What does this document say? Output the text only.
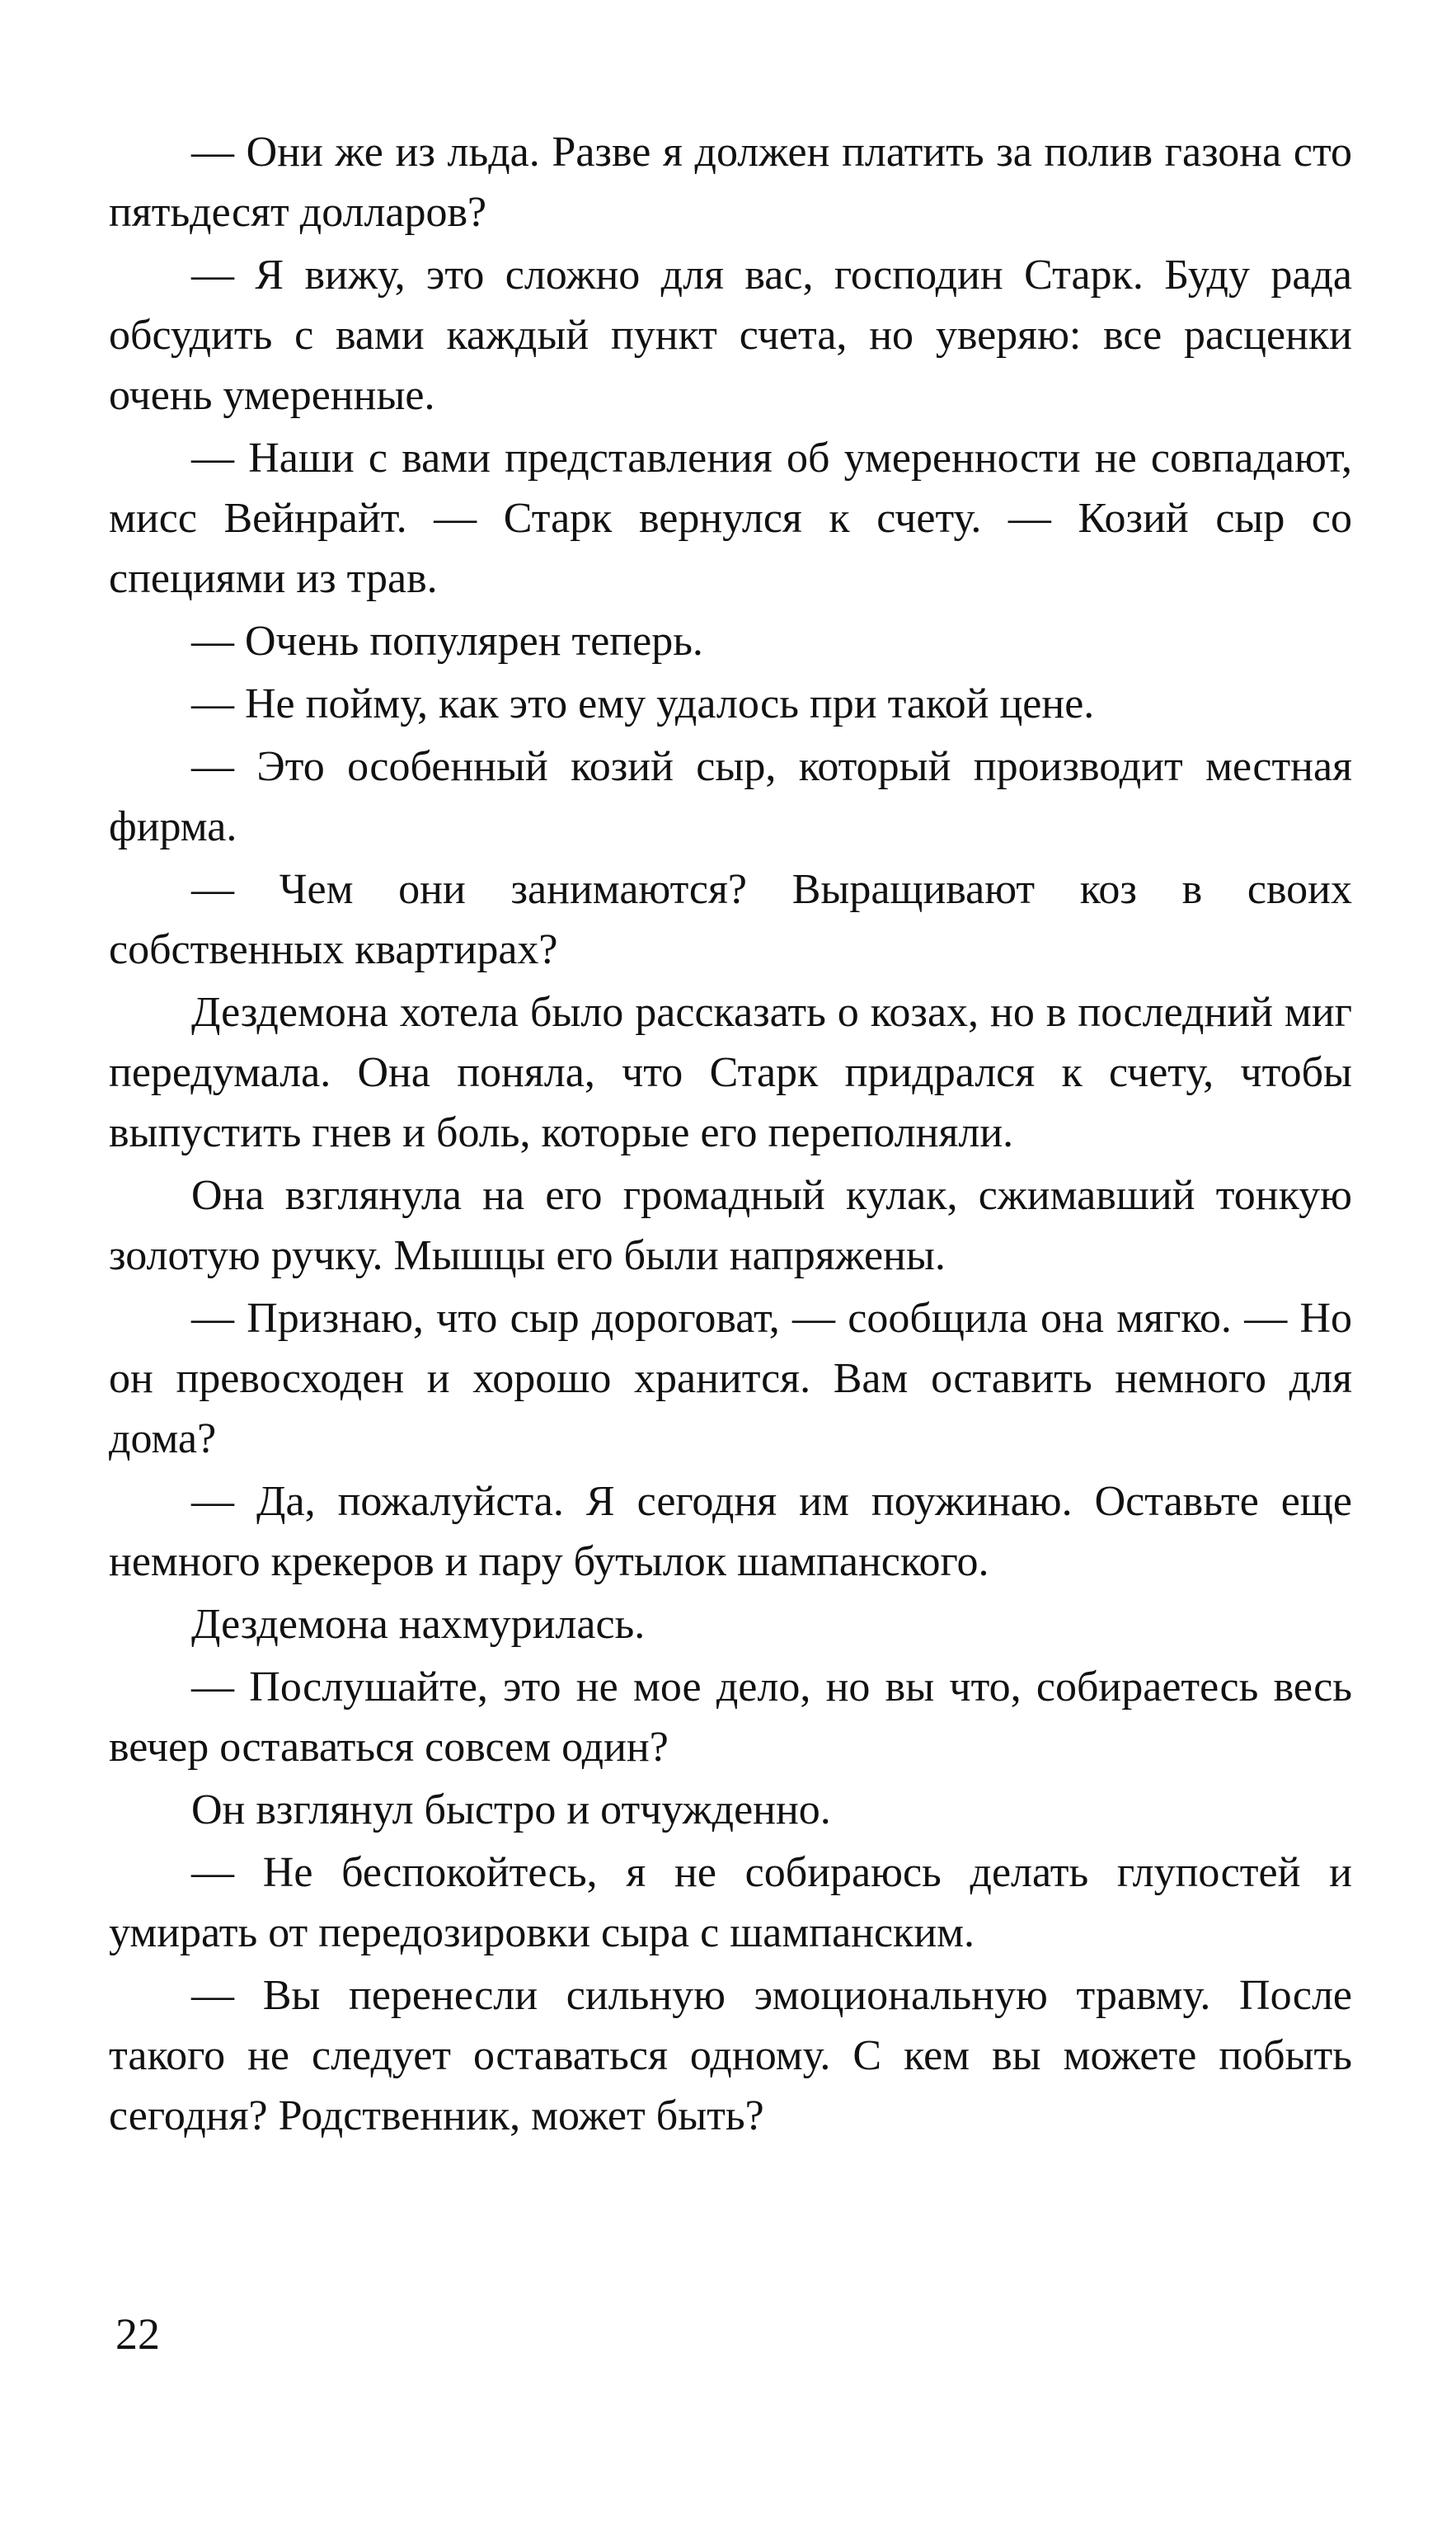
— Они же из льда. Разве я должен платить за полив газона сто пятьдесят долларов?

— Я вижу, это сложно для вас, господин Старк. Буду рада обсудить с вами каждый пункт счета, но уверяю: все расценки очень умеренные.

— Наши с вами представления об умеренности не совпадают, мисс Вейнрайт. — Старк вернулся к счету. — Козий сыр со специями из трав.

— Очень популярен теперь.

— Не пойму, как это ему удалось при такой цене.

— Это особенный козий сыр, который производит местная фирма.

— Чем они занимаются? Выращивают коз в своих собственных квартирах?

Дездемона хотела было рассказать о козах, но в последний миг передумала. Она поняла, что Старк придрался к счету, чтобы выпустить гнев и боль, которые его переполняли.

Она взглянула на его громадный кулак, сжимавший тонкую золотую ручку. Мышцы его были напряжены.

— Признаю, что сыр дороговат, — сообщила она мягко. — Но он превосходен и хорошо хранится. Вам оставить немного для дома?

— Да, пожалуйста. Я сегодня им поужинаю. Оставьте еще немного крекеров и пару бутылок шампанского.

Дездемона нахмурилась.

— Послушайте, это не мое дело, но вы что, собираетесь весь вечер оставаться совсем один?

Он взглянул быстро и отчужденно.

— Не беспокойтесь, я не собираюсь делать глупостей и умирать от передозировки сыра с шампанским.

— Вы перенесли сильную эмоциональную травму. После такого не следует оставаться одному. С кем вы можете побыть сегодня? Родственник, может быть?

22
